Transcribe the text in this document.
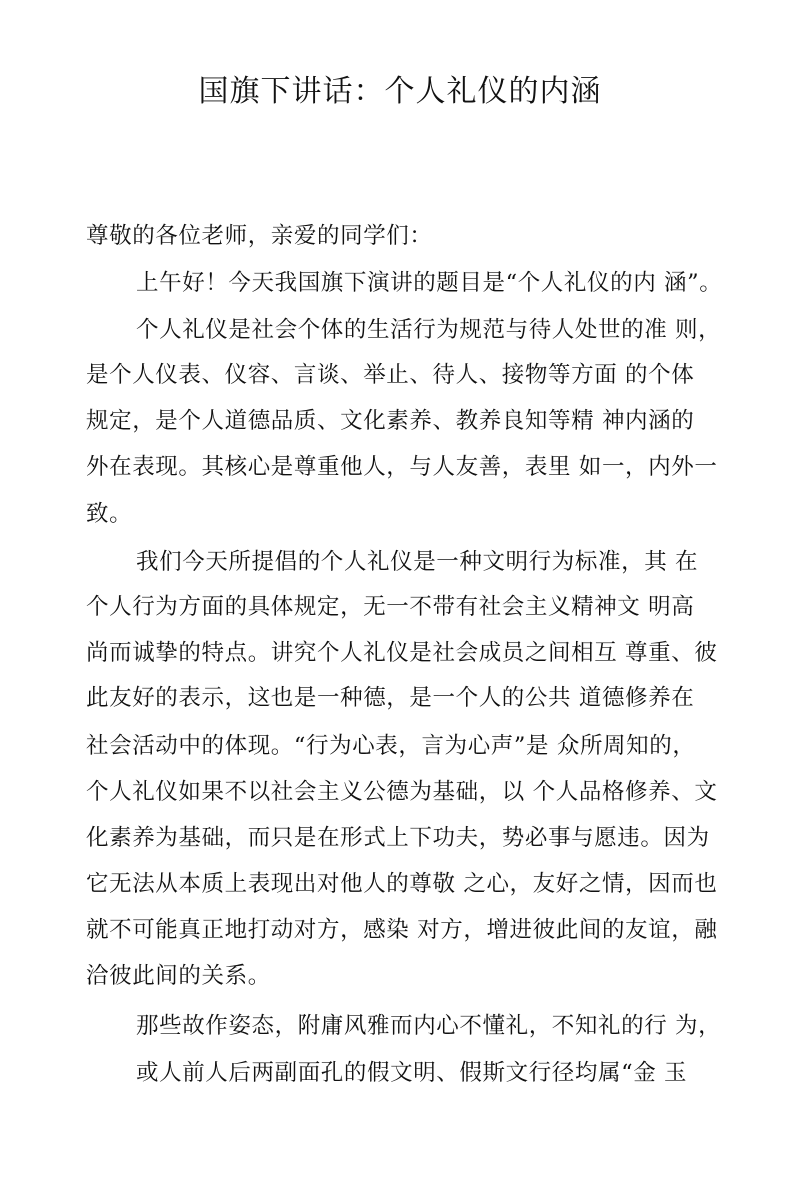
国旗下讲话：个人礼仪的内涵
尊敬的各位老师，亲爱的同学们：
上午好！今天我国旗下演讲的题目是“个人礼仪的内 涵”。
个人礼仪是社会个体的生活行为规范与待人处世的准 则，
是个人仪表、仪容、言谈、举止、待人、接物等方面 的个体
规定，是个人道德品质、文化素养、教养良知等精 神内涵的
外在表现。其核心是尊重他人，与人友善，表里 如一，内外一
致。
我们今天所提倡的个人礼仪是一种文明行为标准，其 在
个人行为方面的具体规定，无一不带有社会主义精神文 明高
尚而诚挚的特点。讲究个人礼仪是社会成员之间相互 尊重、彼
此友好的表示，这也是一种德，是一个人的公共 道德修养在
社会活动中的体现。“行为心表，言为心声”是 众所周知的，
个人礼仪如果不以社会主义公德为基础，以 个人品格修养、文
化素养为基础，而只是在形式上下功夫，势必事与愿违。因为
它无法从本质上表现出对他人的尊敬 之心，友好之情，因而也
就不可能真正地打动对方，感染 对方，增进彼此间的友谊，融
洽彼此间的关系。
那些故作姿态，附庸风雅而内心不懂礼，不知礼的行 为，
或人前人后两副面孔的假文明、假斯文行径均属“金 玉
